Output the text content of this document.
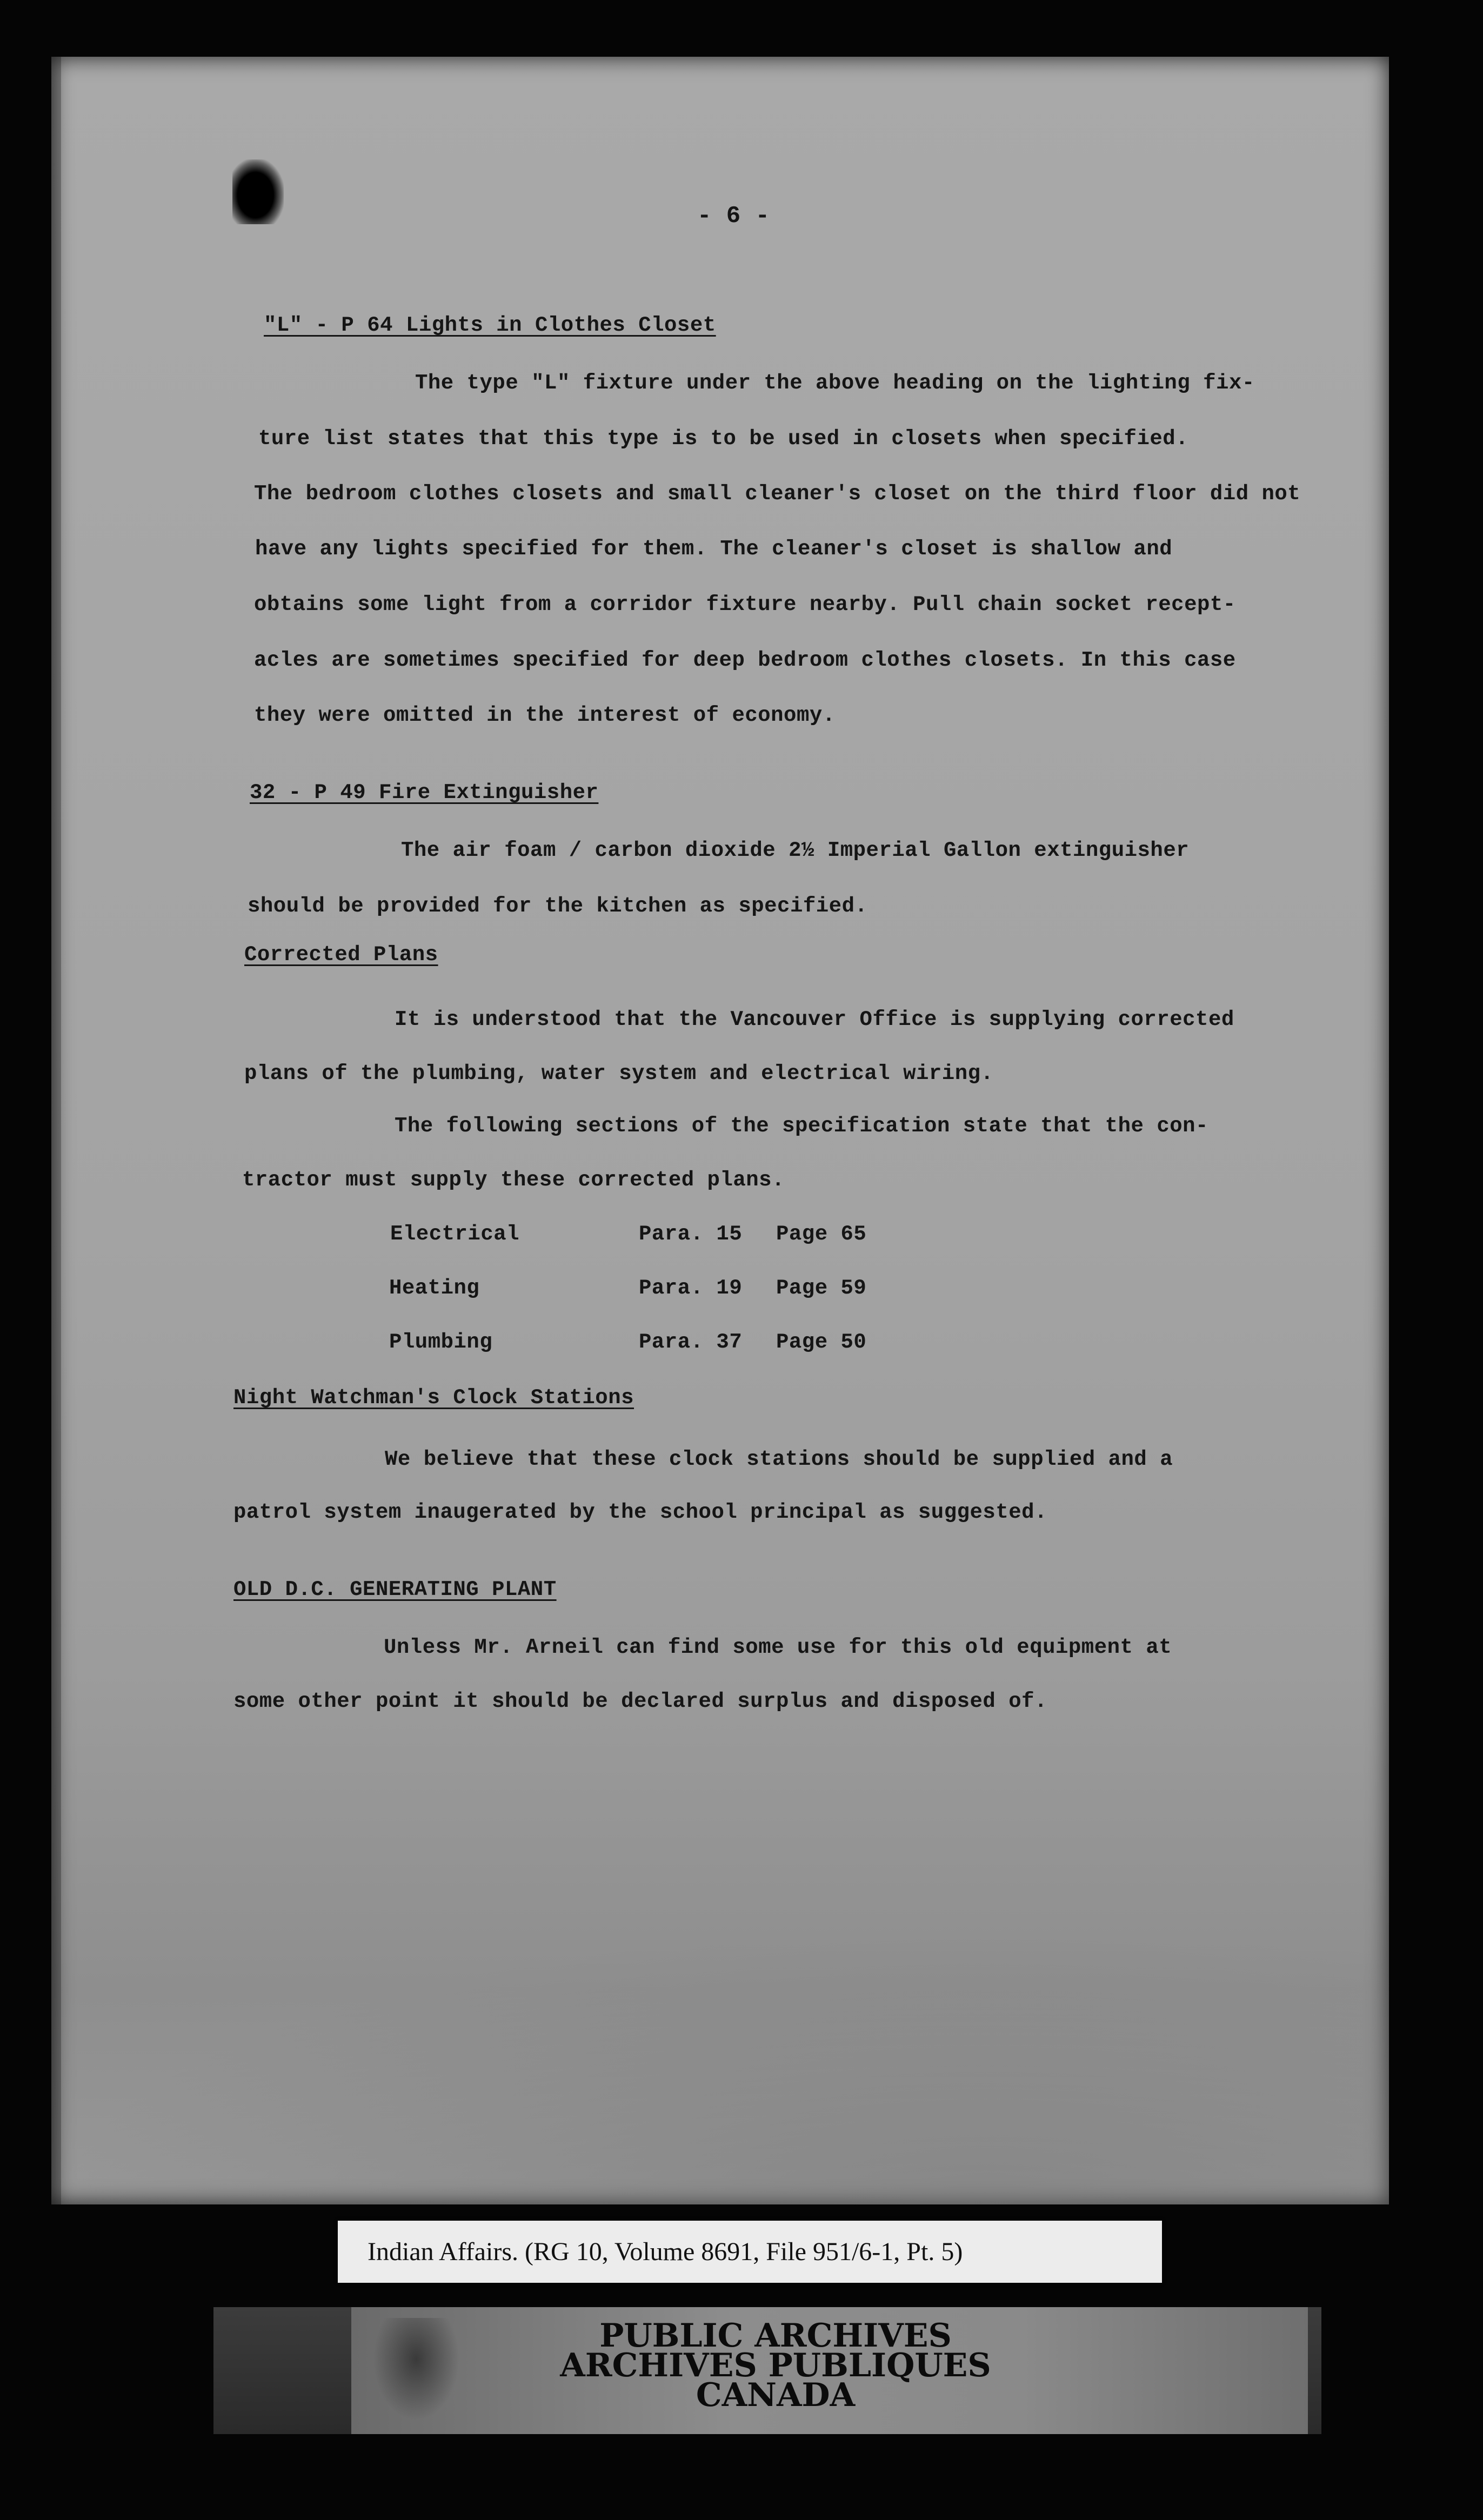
- 6 -
"L" - P 64 Lights in Clothes Closet
The type "L" fixture under the above heading on the lighting fix-
ture list states that this type is to be used in closets when specified.
The bedroom clothes closets and small cleaner's closet on the third floor did not
have any lights specified for them. The cleaner's closet is shallow and
obtains some light from a corridor fixture nearby. Pull chain socket recept-
acles are sometimes specified for deep bedroom clothes closets. In this case
they were omitted in the interest of economy.
32 - P 49 Fire Extinguisher
The air foam / carbon dioxide 2½ Imperial Gallon extinguisher
should be provided for the kitchen as specified.
Corrected Plans
It is understood that the Vancouver Office is supplying corrected
plans of the plumbing, water system and electrical wiring.
The following sections of the specification state that the con-
tractor must supply these corrected plans.
Electrical	Para. 15 Page 65
Heating	Para. 19 Page 59
Plumbing	Para. 37 Page 50
Night Watchman's Clock Stations
We believe that these clock stations should be supplied and a
patrol system inaugerated by the school principal as suggested.
OLD D.C. GENERATING PLANT
Unless Mr. Arneil can find some use for this old equipment at
some other point it should be declared surplus and disposed of.
Indian Affairs. (RG 10, Volume 8691, File 951/6-1, Pt. 5)
PUBLIC ARCHIVES
ARCHIVES PUBLIQUES
CANADA
